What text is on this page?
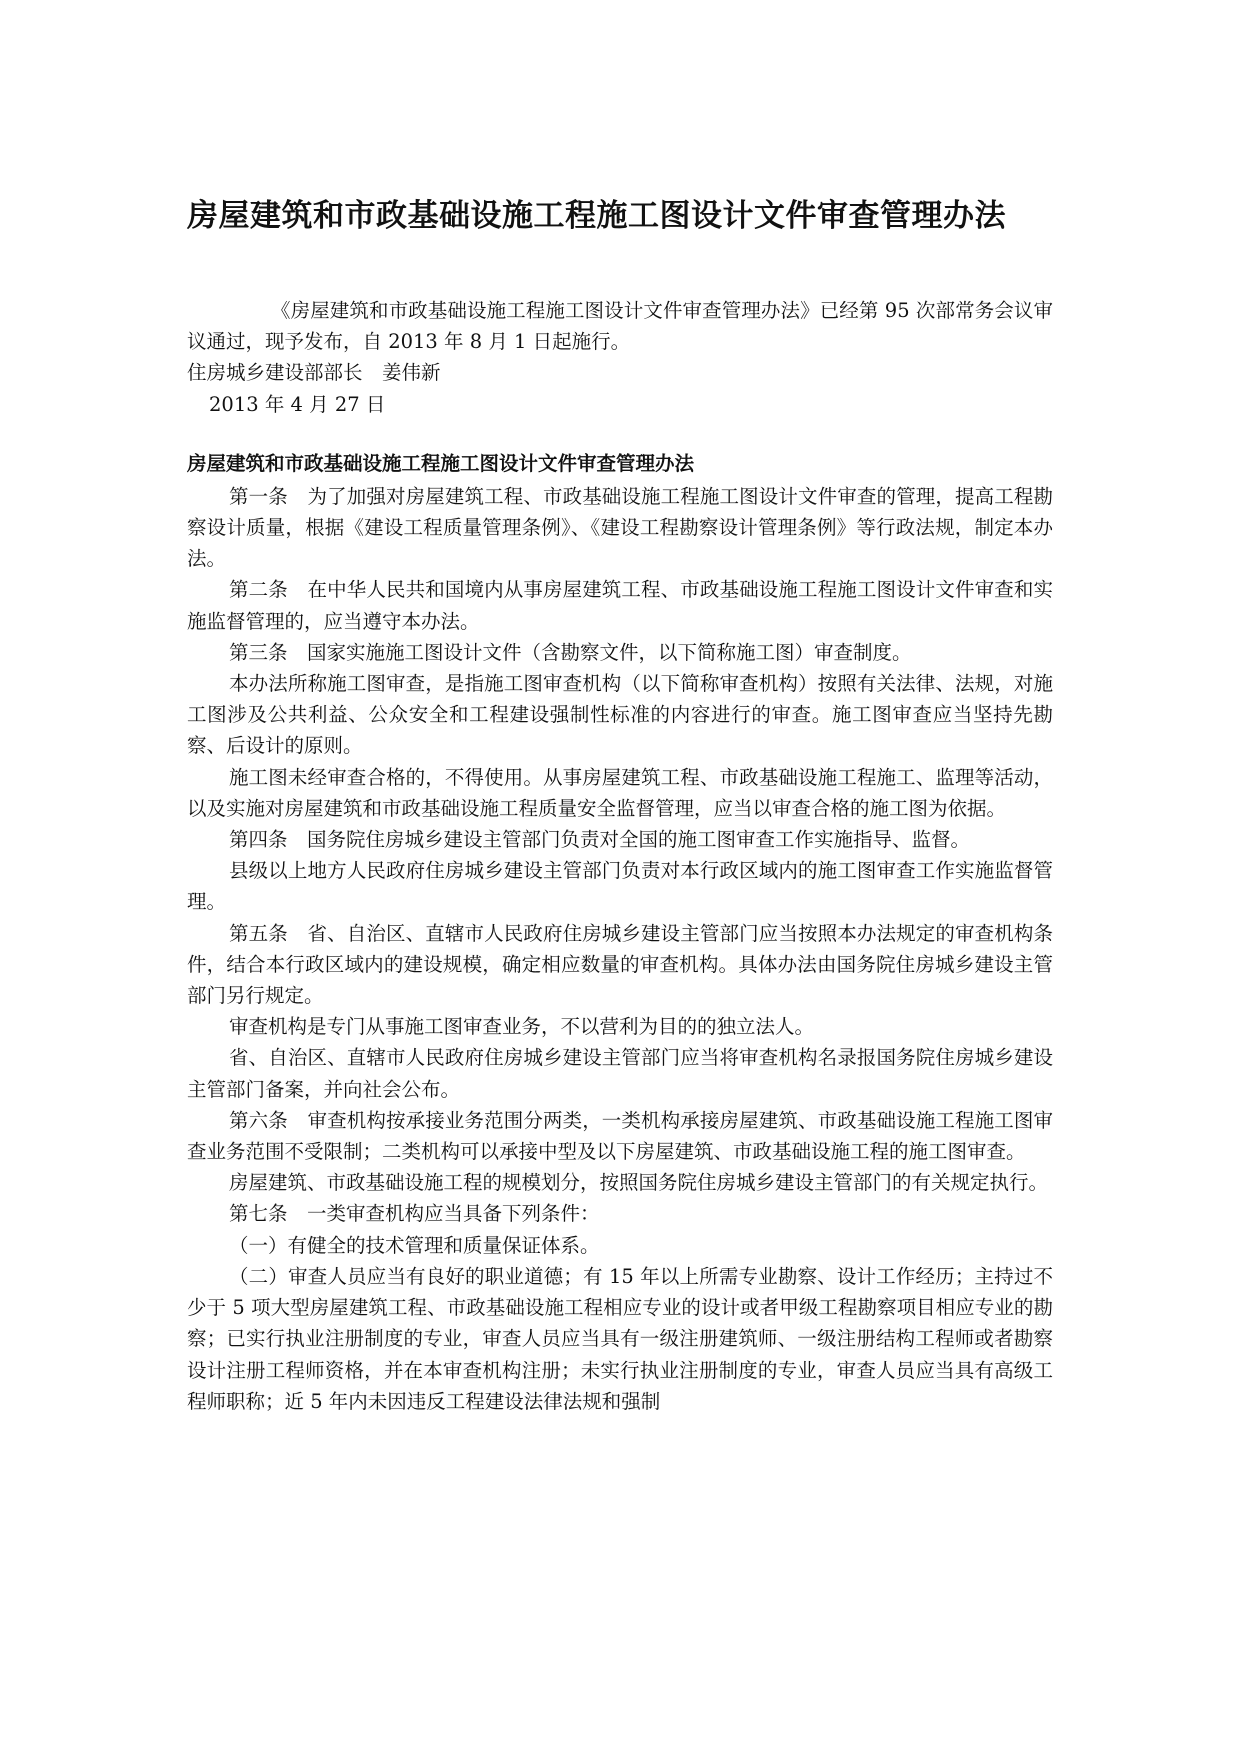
房屋建筑和市政基础设施工程施工图设计文件审查管理办法

《房屋建筑和市政基础设施工程施工图设计文件审查管理办法》已经第 95 次部常务会议审议通过，现予发布，自 2013 年 8 月 1 日起施行。

住房城乡建设部部长　姜伟新

2013 年 4 月 27 日

房屋建筑和市政基础设施工程施工图设计文件审查管理办法

第一条　为了加强对房屋建筑工程、市政基础设施工程施工图设计文件审查的管理，提高工程勘察设计质量，根据《建设工程质量管理条例》、《建设工程勘察设计管理条例》等行政法规，制定本办法。

第二条　在中华人民共和国境内从事房屋建筑工程、市政基础设施工程施工图设计文件审查和实施监督管理的，应当遵守本办法。

第三条　国家实施施工图设计文件（含勘察文件，以下简称施工图）审查制度。

本办法所称施工图审查，是指施工图审查机构（以下简称审查机构）按照有关法律、法规，对施工图涉及公共利益、公众安全和工程建设强制性标准的内容进行的审查。施工图审查应当坚持先勘察、后设计的原则。

施工图未经审查合格的，不得使用。从事房屋建筑工程、市政基础设施工程施工、监理等活动，以及实施对房屋建筑和市政基础设施工程质量安全监督管理，应当以审查合格的施工图为依据。

第四条　国务院住房城乡建设主管部门负责对全国的施工图审查工作实施指导、监督。

县级以上地方人民政府住房城乡建设主管部门负责对本行政区域内的施工图审查工作实施监督管理。

第五条　省、自治区、直辖市人民政府住房城乡建设主管部门应当按照本办法规定的审查机构条件，结合本行政区域内的建设规模，确定相应数量的审查机构。具体办法由国务院住房城乡建设主管部门另行规定。

审查机构是专门从事施工图审查业务，不以营利为目的的独立法人。

省、自治区、直辖市人民政府住房城乡建设主管部门应当将审查机构名录报国务院住房城乡建设主管部门备案，并向社会公布。

第六条　审查机构按承接业务范围分两类，一类机构承接房屋建筑、市政基础设施工程施工图审查业务范围不受限制；二类机构可以承接中型及以下房屋建筑、市政基础设施工程的施工图审查。

房屋建筑、市政基础设施工程的规模划分，按照国务院住房城乡建设主管部门的有关规定执行。

第七条　一类审查机构应当具备下列条件：

（一）有健全的技术管理和质量保证体系。

（二）审查人员应当有良好的职业道德；有 15 年以上所需专业勘察、设计工作经历；主持过不少于 5 项大型房屋建筑工程、市政基础设施工程相应专业的设计或者甲级工程勘察项目相应专业的勘察；已实行执业注册制度的专业，审查人员应当具有一级注册建筑师、一级注册结构工程师或者勘察设计注册工程师资格，并在本审查机构注册；未实行执业注册制度的专业，审查人员应当具有高级工程师职称；近 5 年内未因违反工程建设法律法规和强制
